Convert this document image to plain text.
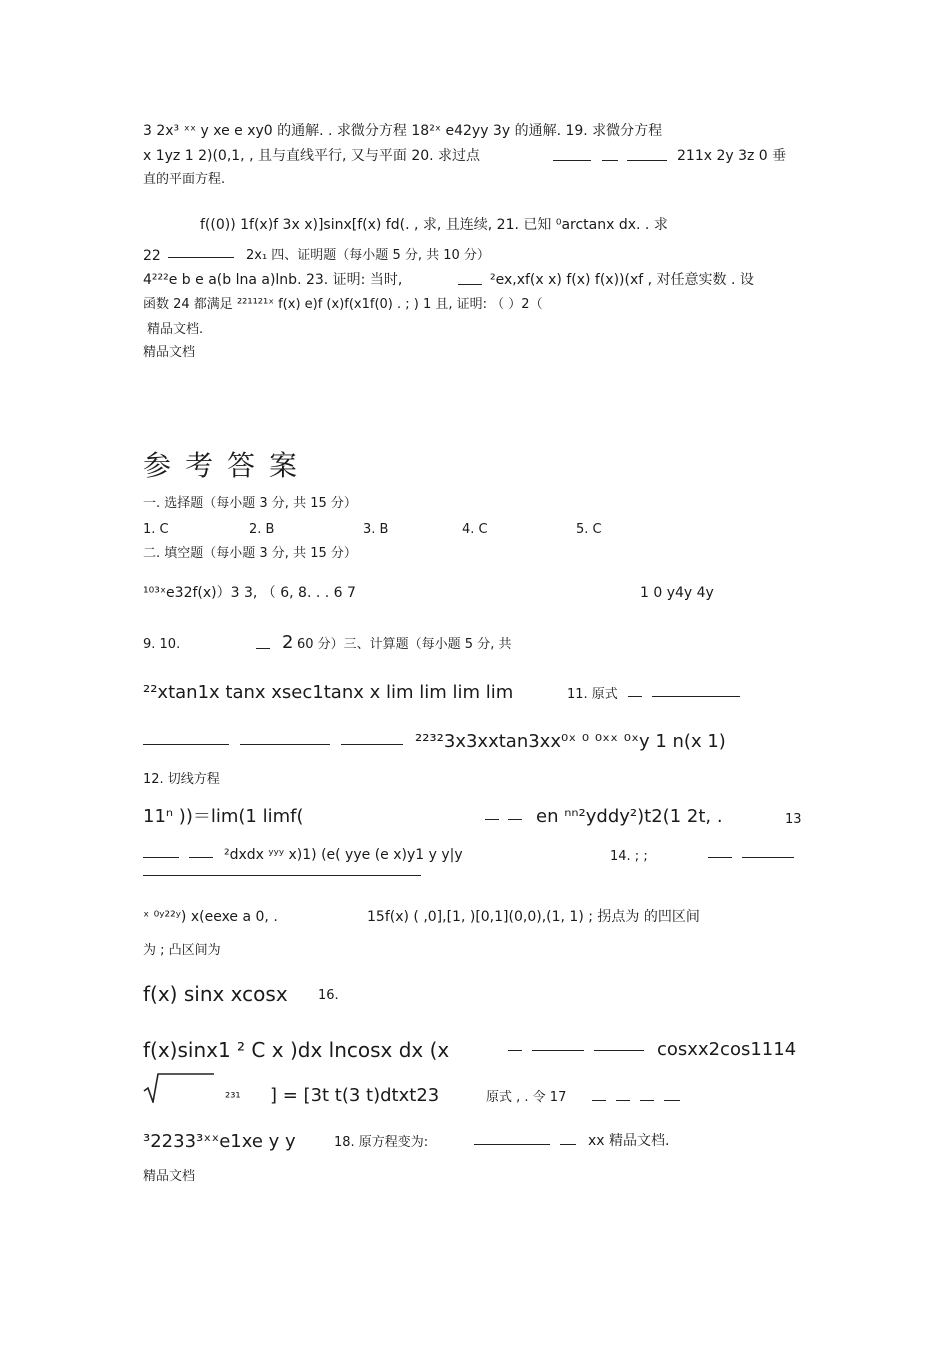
3 2x³ ˣˣ y xe e xy0 的通解. . 求微分方程 18²ˣ e42yy 3y 的通解. 19. 求微分方程
x 1yz 1 2)(0,1, , 且与直线平行, 又与平面 20. 求过点	211x 2y 3z 0 垂
直的平面方程.
f((0)) 1f(x)f 3x x)]sinx[f(x) fd(. , 求, 且连续, 21. 已知 ⁰arctanx dx. . 求
22	2x₁ 四、证明题（每小题 5 分, 共 10 分）
4²²²e b e a(b lna a)lnb. 23. 证明: 当时,	²ex,xf(x x) f(x) f(x))(xf , 对任意实数 . 设
函数 24 都满足 ²²¹¹²¹ˣ f(x) e)f (x)f(x1f(0) . ; ) 1 且, 证明: （ ）2（
精品文档.
精品文档
参考答案
一. 选择题（每小题 3 分, 共 15 分）
1. C	2. B	3. B	4. C	5. C
二. 填空题（每小题 3 分, 共 15 分）
¹⁰³ˣe32f(x)）3 3, （ 6, 8. . . 6 7	1 0 y4y 4y
9. 10.	2 60 分）三、计算题（每小题 5 分, 共
²²xtan1x tanx xsec1tanx x lim lim lim lim	11. 原式
²²³²3x3xxtan3xx⁰ˣ ⁰ ⁰ˣˣ ⁰ˣy 1 n(x 1)
12. 切线方程
11ⁿ ))＝lim(1 limf(	en ⁿⁿ²yddy²)t2(1 2t, .	13
²dxdx ʸʸʸ x)1) (e( yye (e x)y1 y y|y	14. ; ;
ˣ ⁰ʸ²²ʸ) x(eexe a 0, .	15f(x) ( ,0],[1, )[0,1](0,0),(1, 1) ; 拐点为 的凹区间
为 ; 凸区间为
f(x) sinx xcosx 16.
f(x)sinx1 ² C x )dx lncosx dx (x	cosxx2cos1114
²³¹ ] = [3t t(3 t)dtxt23	原式 , . 令 17
³2233³ˣˣe1xe y y	18. 原方程变为:	xx 精品文档.
精品文档
